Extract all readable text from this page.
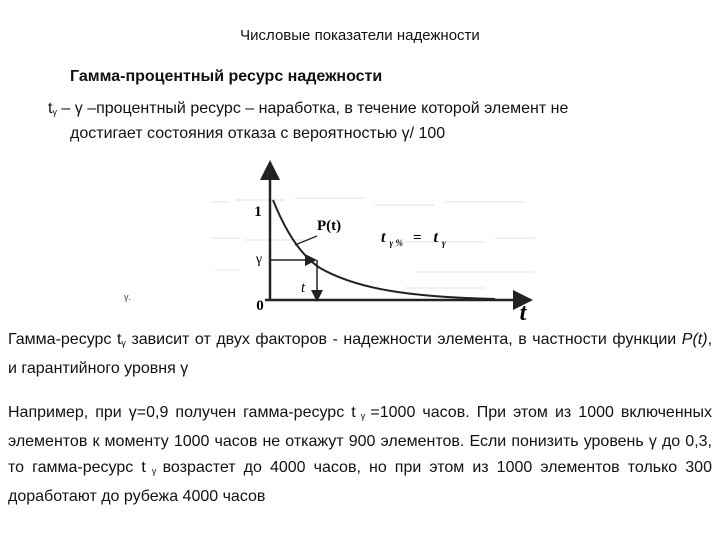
Числовые показатели надежности
Гамма-процентный ресурс надежности
$t_\gamma$ – γ –процентный ресурс – наработка, в течение которой элемент не
достигает состояния отказа с вероятностью γ/ 100
1
γ
0
P(t)
t
t
t $_{\gamma \%}$ = t $_\gamma$
γ.
Гамма-ресурс $t_\gamma$ зависит от двух факторов - надежности элемента, в частности функции P(t), и гарантийного уровня γ
Например, при γ=0,9 получен гамма-ресурс t $_\gamma$ =1000 часов. При этом из 1000 включенных элементов к моменту 1000 часов не откажут 900 элементов. Если понизить уровень γ до 0,3, то гамма-ресурс t $_\gamma$ возрастет до 4000 часов, но при этом из 1000 элементов только 300 доработают до рубежа 4000 часов
